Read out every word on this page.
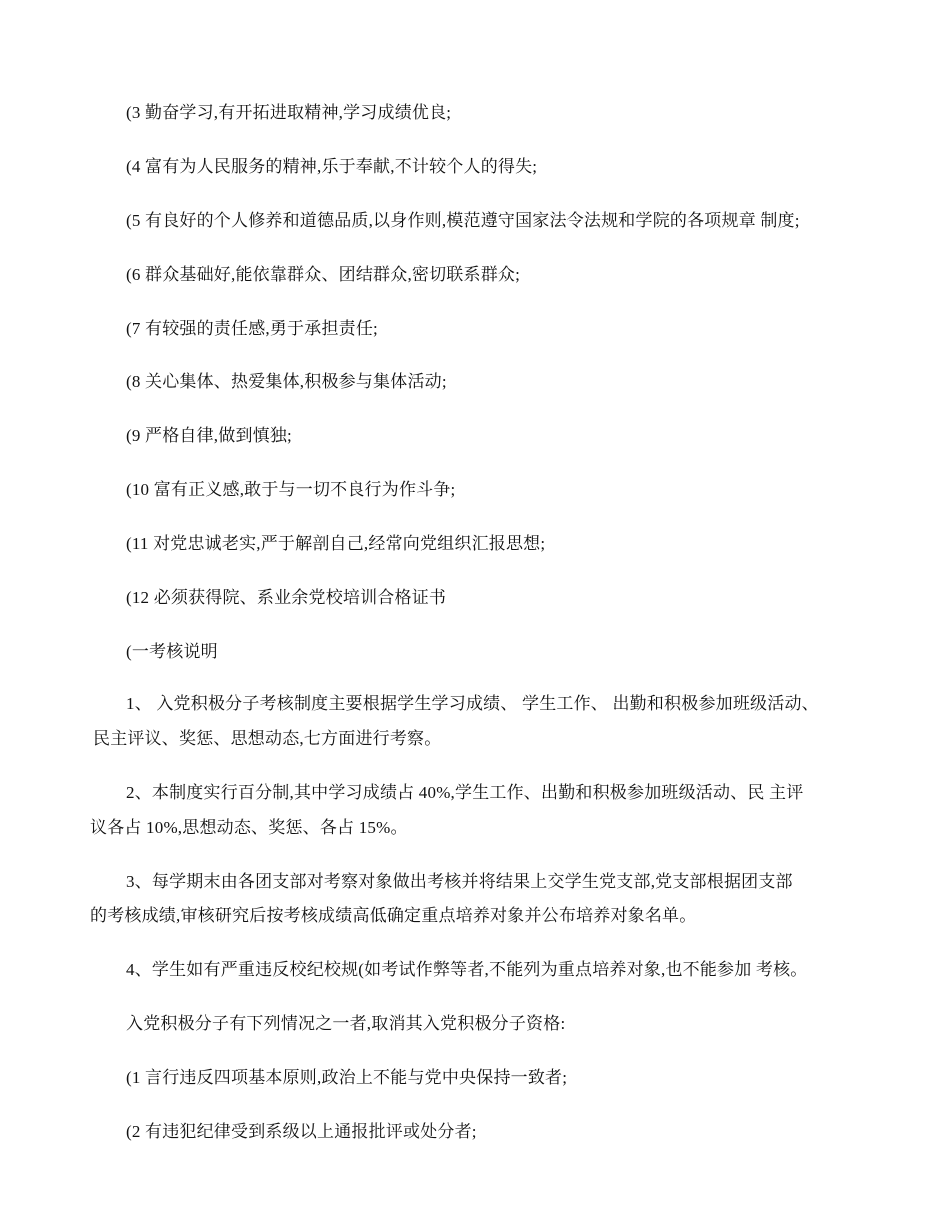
(3 勤奋学习,有开拓进取精神,学习成绩优良;
(4 富有为人民服务的精神,乐于奉献,不计较个人的得失;
(5 有良好的个人修养和道德品质,以身作则,模范遵守国家法令法规和学院的各项规章 制度;
(6 群众基础好,能依靠群众、团结群众,密切联系群众;
(7 有较强的责任感,勇于承担责任;
(8 关心集体、热爱集体,积极参与集体活动;
(9 严格自律,做到慎独;
(10 富有正义感,敢于与一切不良行为作斗争;
(11 对党忠诚老实,严于解剖自己,经常向党组织汇报思想;
(12 必须获得院、系业余党校培训合格证书
(一考核说明
1、 入党积极分子考核制度主要根据学生学习成绩、 学生工作、 出勤和积极参加班级活动、
民主评议、奖惩、思想动态,七方面进行考察。
2、本制度实行百分制,其中学习成绩占 40%,学生工作、出勤和积极参加班级活动、民 主评
议各占 10%,思想动态、奖惩、各占 15%。
3、每学期末由各团支部对考察对象做出考核并将结果上交学生党支部,党支部根据团支部
的考核成绩,审核研究后按考核成绩高低确定重点培养对象并公布培养对象名单。
4、学生如有严重违反校纪校规(如考试作弊等者,不能列为重点培养对象,也不能参加 考核。
入党积极分子有下列情况之一者,取消其入党积极分子资格:
(1 言行违反四项基本原则,政治上不能与党中央保持一致者;
(2 有违犯纪律受到系级以上通报批评或处分者;
